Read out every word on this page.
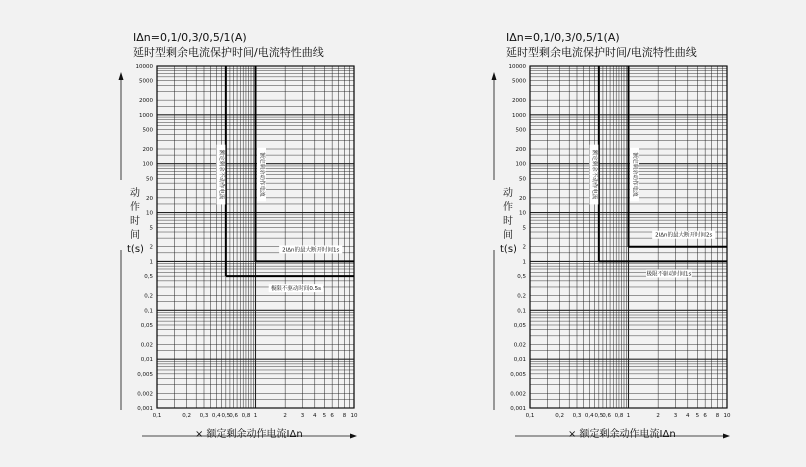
IΔn=0,1/0,3/0,5/1(A)
延时型剩余电流保护时间/电流特性曲线
动
作
时
间
t(s)
0,001
0,002
0,005
0,01
0,02
0,05
0,1
0,2
0,5
1
2
5
10
20
50
100
200
500
1000
2000
5000
10000
0,1	0,2 0,3 0,4 0,5 0,6 0,8 1	2	3 4 5 6 8 10
额定剩余不动作电流	额定剩余动作电流
2IΔn的最大断开时间1s
极限不驱动时间0.5s
× 额定剩余动作电流IΔn
IΔn=0,1/0,3/0,5/1(A)
延时型剩余电流保护时间/电流特性曲线
动
作
时
间
t(s)
0,001
0,002
0,005
0,01
0,02
0,05
0,1
0,2
0,5
1
2
5
10
20
50
100
200
500
1000
2000
5000
10000
0,1	0,2 0,3 0,4 0,5 0,6 0,8 1	2	3 4 5 6 8 10
额定剩余不动作电流	额定剩余动作电流
2IΔn的最大断开时间2s
极限不驱动时间1s
× 额定剩余动作电流IΔn
